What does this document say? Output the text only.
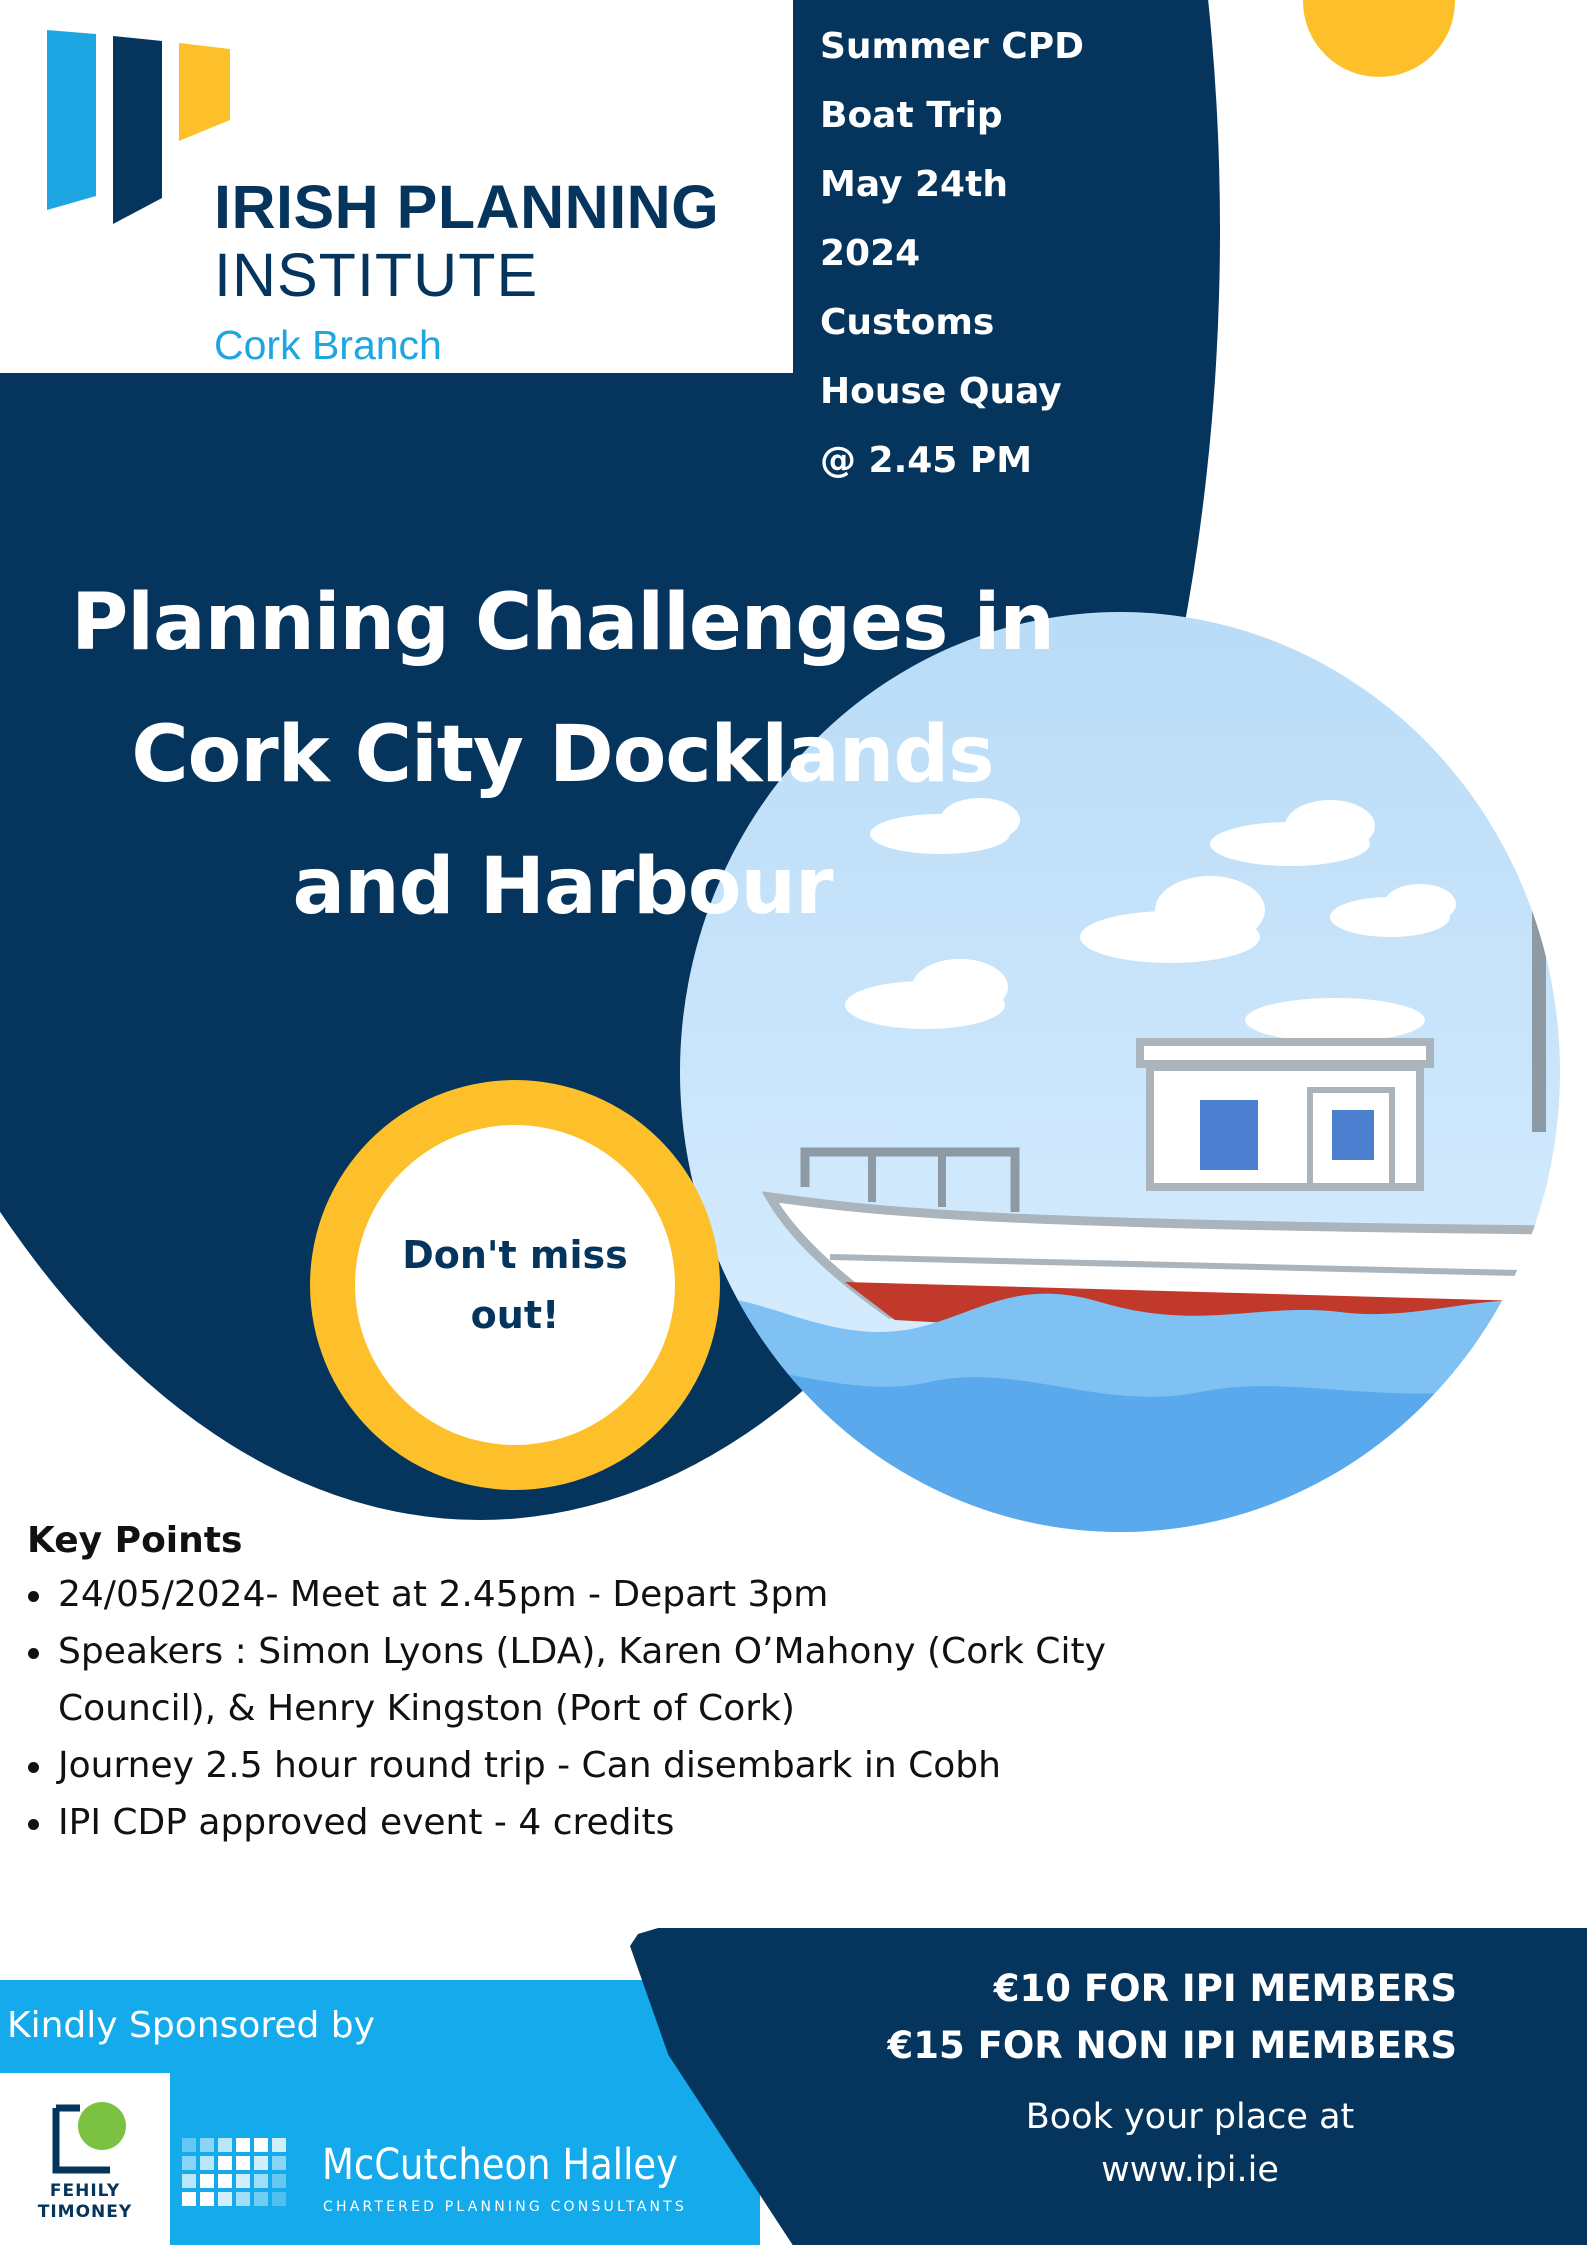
IRISH PLANNING
INSTITUTE
Cork Branch
Summer CPD
Boat Trip
May 24th
2024
Customs
House Quay
@ 2.45 PM
Planning Challenges in
Cork City Docklands
and Harbour
Don't miss
out!
Key Points
24/05/2024- Meet at 2.45pm - Depart 3pm
Speakers : Simon Lyons (LDA), Karen O’Mahony (Cork City Council), & Henry Kingston (Port of Cork)
Journey 2.5 hour round trip - Can disembark in Cobh
IPI CDP approved event - 4 credits
Kindly Sponsored by
FEHILY
TIMONEY
McCutcheon Halley
CHARTERED PLANNING CONSULTANTS
€10 FOR IPI MEMBERS
€15 FOR NON IPI MEMBERS
Book your place at
www.ipi.ie
